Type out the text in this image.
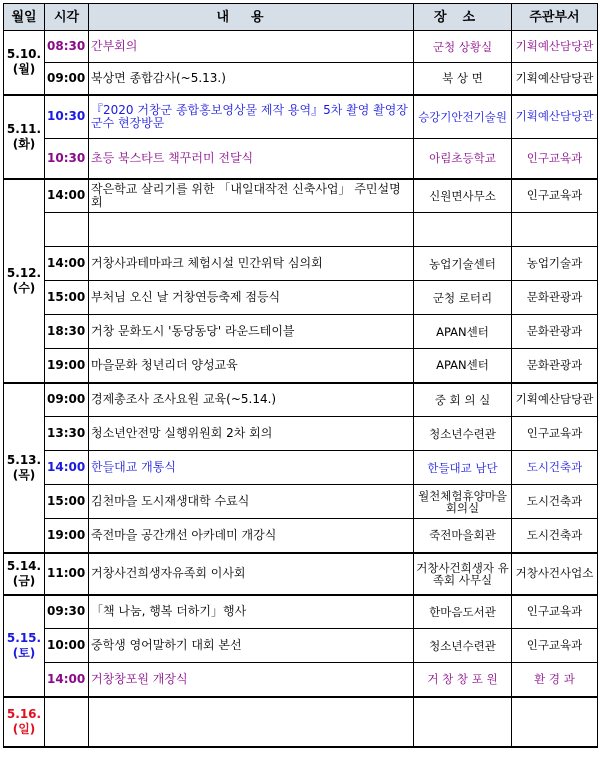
월일	시각	내용	장소	주관부서

5.10.
(월)	08:30	간부회의	군청 상황실	기획예산담당관
	09:00	북상면 종합감사(~5.13.)	북 상 면	기획예산담당관

5.11.
(화)	10:30	『2020 거창군 종합홍보영상물 제작 용역』5차 촬영 촬영장 군수 현장방문	승강기안전기술원	기획예산담당관
	10:30	초등 북스타트 책꾸러미 전달식	아림초등학교	인구교육과

5.12.
(수)	14:00	작은학교 살리기를 위한 「내일대작전 신축사업」 주민설명회	신원면사무소	인구교육과

	14:00	거창사과테마파크 체험시설 민간위탁 심의회	농업기술센터	농업기술과
	15:00	부처님 오신 날 거창연등축제 점등식	군청 로터리	문화관광과
	18:30	거창 문화도시 '동당동당' 라운드테이블	APAN센터	문화관광과
	19:00	마을문화 청년리더 양성교육	APAN센터	문화관광과

5.13.
(목)	09:00	경제총조사 조사요원 교육(~5.14.)	중 회 의 실	기획예산담당관
	13:30	청소년안전망 실행위원회 2차 회의	청소년수련관	인구교육과
	14:00	한들대교 개통식	한들대교 남단	도시건축과
	15:00	김천마을 도시재생대학 수료식	월천체험휴양마을 회의실	도시건축과
	19:00	죽전마을 공간개선 아카데미 개강식	죽전마을회관	도시건축과

5.14.
(금)	11:00	거창사건희생자유족회 이사회	거창사건희생자 유족회 사무실	거창사건사업소

5.15.
(토)	09:30	「책 나눔, 행복 더하기」행사	한마음도서관	인구교육과
	10:00	중학생 영어말하기 대회 본선	청소년수련관	인구교육과
	14:00	거창창포원 개장식	거 창 창 포 원	환 경 과

5.16.
(일)				
